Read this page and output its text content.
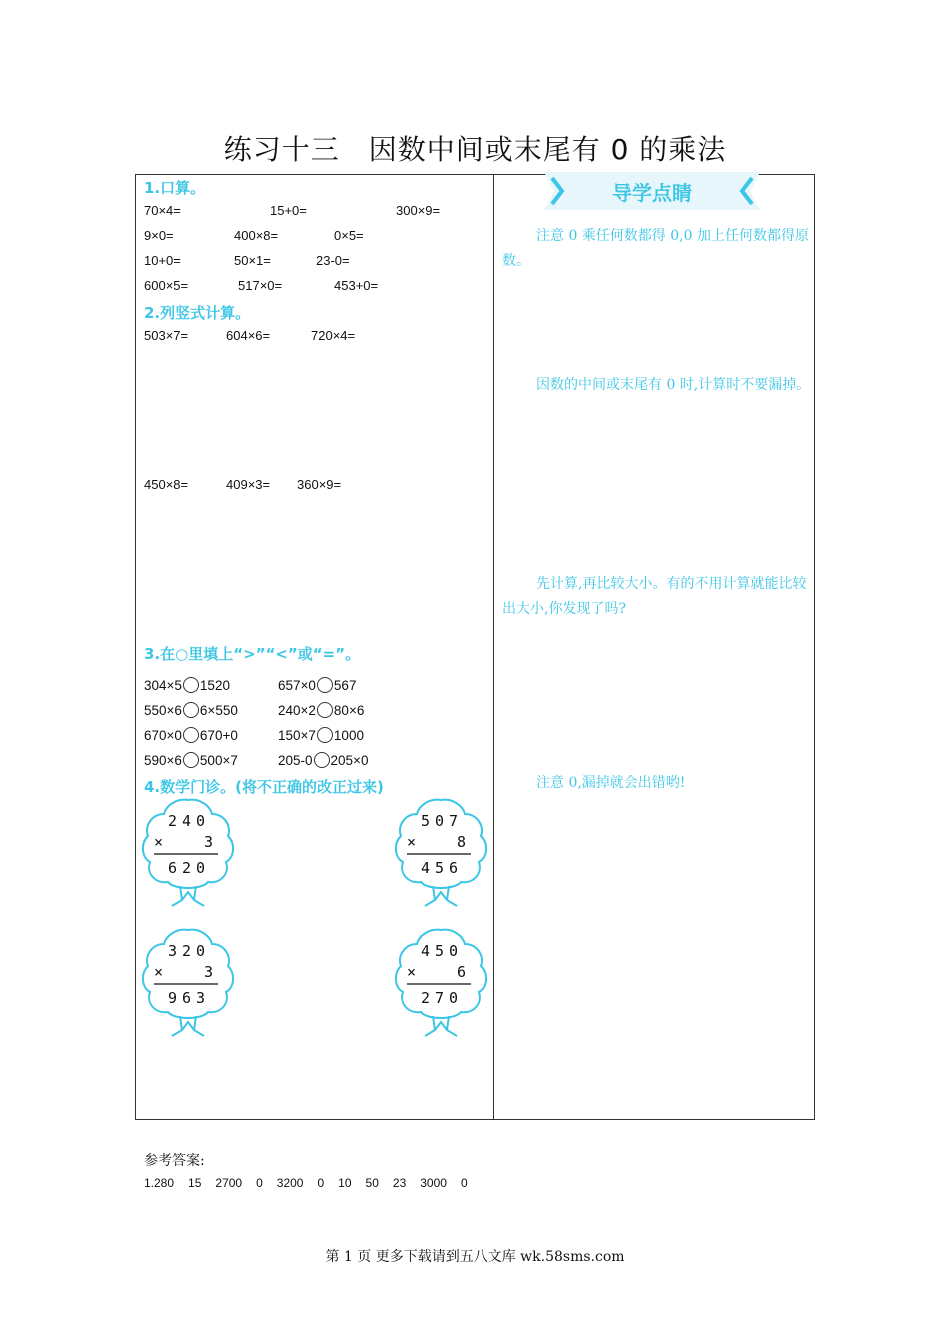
练习十三　因数中间或末尾有 0 的乘法
导学点睛
1.口算。
70×4=	15+0=	300×9=
9×0=	400×8=	0×5=
10+0=	50×1=	23-0=
600×5=	517×0=	453+0=
2.列竖式计算。
503×7=	604×6=	720×4=
450×8=	409×3= 360×9=
3.在○里填上“>”“<”或“=”。
304×5 1520	657×0 567
550×6 6×550	240×2 80×6
670×0 670+0	150×7 1000
590×6 500×7	205-0 205×0
4.数学门诊。(将不正确的改正过来)
240
× 3
620
507
× 8
456
320
× 3
963
450
× 6
270
注意 0 乘任何数都得 0,0 加上任何数都得原数。
因数的中间或末尾有 0 时,计算时不要漏掉。
先计算,再比较大小。有的不用计算就能比较出大小,你发现了吗?
注意 0,漏掉就会出错哟!
参考答案:
1.280 15 2700 0 3200 0 10 50 23 3000 0
第 1 页 更多下载请到五八文库 wk.58sms.com
